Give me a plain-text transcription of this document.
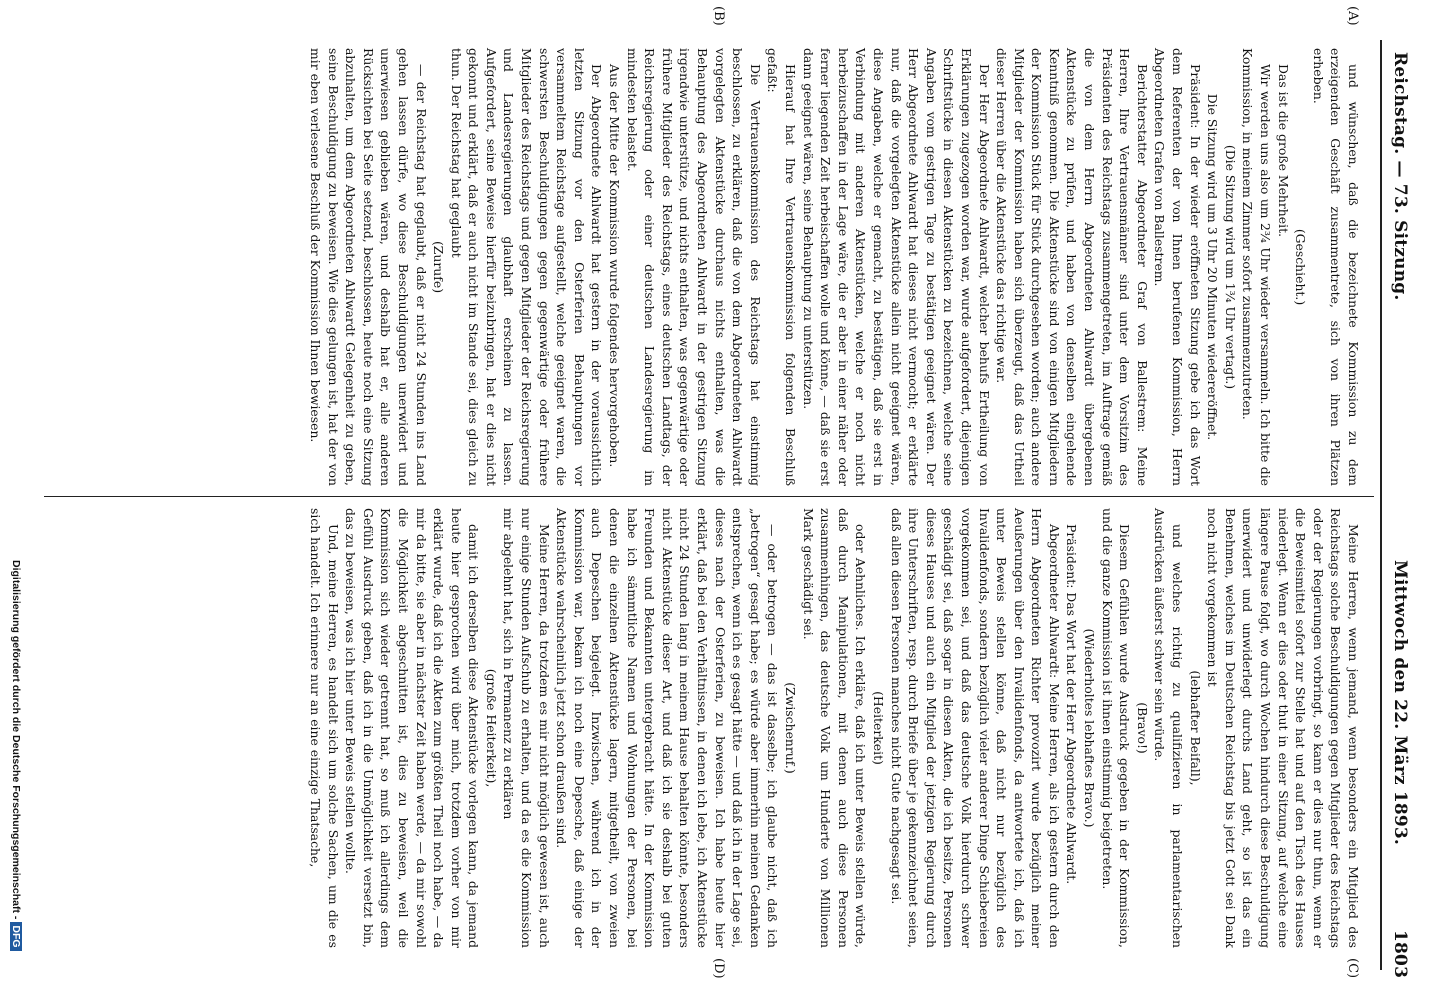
Reichstag. — 73. Sitzung.
Mittwoch den 22. März 1893.
1803
(A)
(B)
(C)
(D)

und wünschen, daß die bezeichnete Kommission zu dem erzeigenden Geschäft zusammentrete, sich von ihren Plätzen erheben.

(Geschieht.)

Das ist die große Mehrheit.

Wir werden uns also um 2¾ Uhr wieder versammeln. Ich bitte die Kommission, in meinem Zimmer sofort zusammenzutreten.

(Die Sitzung wird um 1¾ Uhr vertagt.)

Die Sitzung wird um 3 Uhr 20 Minuten wiedereröffnet.

Präsident: In der wieder eröffneten Sitzung gebe ich das Wort dem Referenten der von Ihnen berufenen Kommission, Herrn Abgeordneten Grafen von Ballestrem.

Berichterstatter Abgeordneter Graf von Ballestrem: Meine Herren, Ihre Vertrauensmänner sind unter dem Vorsitzim des Präsidenten des Reichstags zusammengetreten, im Auftrage gemäß die von dem Herrn Abgeordneten Ahlwardt übergebenen Aktenstücke zu prüfen, und haben von denselben eingehende Kenntniß genommen. Die Aktenstücke sind von einigen Mitgliedern der Kommission Stück für Stück durchgesehen worden; auch andere Mitglieder der Kommission haben sich überzeugt, daß das Urtheil dieser Herren über die Aktenstücke das richtige war.

Der Herr Abgeordnete Ahlwardt, welcher behufs Ertheilung von Erklärungen zugezogen worden war, wurde aufgefordert, diejenigen Schriftstücke in diesen Aktenstücken zu bezeichnen, welche seine Angaben vom gestrigen Tage zu bestätigen geeignet wären. Der Herr Abgeordnete Ahlwardt hat dieses nicht vermocht; er erklärte nur, daß die vorgelegten Aktenstücke allein nicht geeignet wären, diese Angaben, welche er gemacht, zu bestätigen, daß sie erst in Verbindung mit anderen Aktenstücken, welche er noch nicht herbeizuschaffen in der Lage wäre, die er aber in einer näher oder ferner liegenden Zeit herbeischaffen wolle und könne, — daß sie erst dann geeignet wären, seine Behauptung zu unterstützen.

Hierauf hat Ihre Vertrauenskommission folgenden Beschluß gefaßt:

Die Vertrauenskommission des Reichstags hat einstimmig beschlossen, zu erklären, daß die von dem Abgeordneten Ahlwardt vorgelegten Aktenstücke durchaus nichts enthalten, was die Behauptung des Abgeordneten Ahlwardt in der gestrigen Sitzung irgendwie unterstütze, und nichts enthalten, was gegenwärtige oder frühere Mitglieder des Reichstags, eines deutschen Landtags, der Reichsregierung oder einer deutschen Landesregierung im mindesten belastet.

Aus der Mitte der Kommission wurde folgendes hervorgehoben.

Der Abgeordnete Ahlwardt hat gestern in der voraussichtlich letzten Sitzung vor den Osterferien Behauptungen vor versammeltem Reichstage aufgestellt, welche geeignet waren, die schwersten Beschuldigungen gegen gegenwärtige oder frühere Mitglieder des Reichstags und gegen Mitglieder der Reichsregierung und Landesregierungen glaubhaft erscheinen zu lassen. Aufgefordert, seine Beweise hierfür beizubringen, hat er dies nicht gekonnt und erklärt, daß er auch nicht im Stande sei, dies gleich zu thun. Der Reichstag hat geglaubt

(Zurufe)

— der Reichstag hat geglaubt, daß er nicht 24 Stunden ins Land gehen lassen dürfe, wo diese Beschuldigungen unerwidert und unerwiesen geblieben wären, und deshalb hat er, alle anderen Rücksichten bei Seite setzend, beschlossen, heute noch eine Sitzung abzuhalten, um dem Abgeordneten Ahlwardt Gelegenheit zu geben, seine Beschuldigung zu beweisen. Wie dies gelungen ist, hat der von mir eben verlesene Beschluß der Kommission Ihnen bewiesen.

Meine Herren, wenn jemand, wenn besonders ein Mitglied des Reichstags solche Beschuldigungen gegen Mitglieder des Reichstags oder der Regierungen vorbringt, so kann er dies nur thun, wenn er die Beweismittel sofort zur Stelle hat und auf den Tisch des Hauses niederlegt. Wenn er dies oder thut in einer Sitzung, auf welche eine längere Pause folgt, wo durch Wochen hindurch diese Beschuldigung unerwidert und unwiderlegt durchs Land geht, so ist das ein Benehmen, welches im Deutschen Reichstag bis jetzt Gott sei Dank noch nicht vorgekommen ist

(lebhafter Beifall),

und welches richtig zu qualifizieren in parlamentarischen Ausdrücken äußerst schwer sein würde.

(Bravo!)

Diesem Gefühlen wurde Ausdruck gegeben in der Kommission, und die ganze Kommission ist ihnen einstimmig beigetreten.

(Wiederholtes lebhaftes Bravo.)

Präsident: Das Wort hat der Herr Abgeordnete Ahlwardt.

Abgeordneter Ahlwardt: Meine Herren, als ich gestern durch den Herrn Abgeordneten Richter provozirt wurde bezüglich meiner Aeußerungen über den Invalidenfonds, da antwortete ich, daß ich unter Beweis stellen könne, daß nicht nur bezüglich des Invalidenfonds, sondern bezüglich vieler anderer Dinge Schiebereien vorgekommen sei, und daß das deutsche Volk hierdurch schwer geschädigt sei, daß sogar in diesen Akten, die ich besitze, Personen dieses Hauses und auch ein Mitglied der jetzigen Regierung durch ihre Unterschriften, resp. durch Briefe über je gekennzeichnet seien, daß allen diesen Personen manches nicht Gute nachgesagt sei.

(Heiterkeit)

oder Aehnliches. Ich erkläre, daß ich unter Beweis stellen würde, daß durch Manipulationen, mit denen auch diese Personen zusammenhingen, das deutsche Volk um Hunderte von Millionen Mark geschädigt sei.

(Zwischenruf.)

— oder betrogen — das ist dasselbe; ich glaube nicht, daß ich „betrogen“ gesagt habe; es würde aber immerhin meinen Gedanken entsprechen, wenn ich es gesagt hätte — und daß ich in der Lage sei, dieses nach der Osterferien, zu beweisen. Ich habe heute hier erklärt, daß bei den Verhältnissen, in denen ich lebe, ich Aktenstücke nicht 24 Stunden lang in meinem Hause behalten könnte, besonders nicht Aktenstücke dieser Art, und daß ich sie deshalb bei guten Freunden und Bekannten untergebracht hätte. In der Kommission habe ich sämmtliche Namen und Wohnungen der Personen, bei denen die einzelnen Aktenstücke lagern, mitgetheilt, von zweien auch Depeschen beigelegt. Inzwischen, während ich in der Kommission war, bekam ich noch eine Depesche, daß einige der Aktenstücke wahrscheinlich jetzt schon draußen sind.

Meine Herren, da trotzdem es mir nicht möglich gewesen ist, auch nur einige Stunden Aufschub zu erhalten, und da es die Kommission mir abgelehnt hat, sich in Permanenz zu erklären

(große Heiterkeit),

damit ich derselben diese Aktenstücke vorlegen kann, da jemand heute hier gesprochen wird über mich, trotzdem vorher von mir erklärt wurde, daß ich die Akten zum größten Theil noch habe, — da mir da bitte, sie aber in nächster Zeit haben werde, — da mir sowohl die Möglichkeit abgeschnitten ist, dies zu beweisen, weil die Kommission sich wieder getrennt hat, so muß ich allerdings dem Gefühl Ausdruck geben, daß ich in die Unmöglichkeit versetzt bin, das zu beweisen, was ich hier unter Beweis stellen wollte.

Und, meine Herren, es handelt sich um solche Sachen, um die es sich handelt. Ich erinnere nur an eine einzige Thatsache,

Digitalisierung gefördert durch die Deutsche Forschungsgemeinschaft -DFG
